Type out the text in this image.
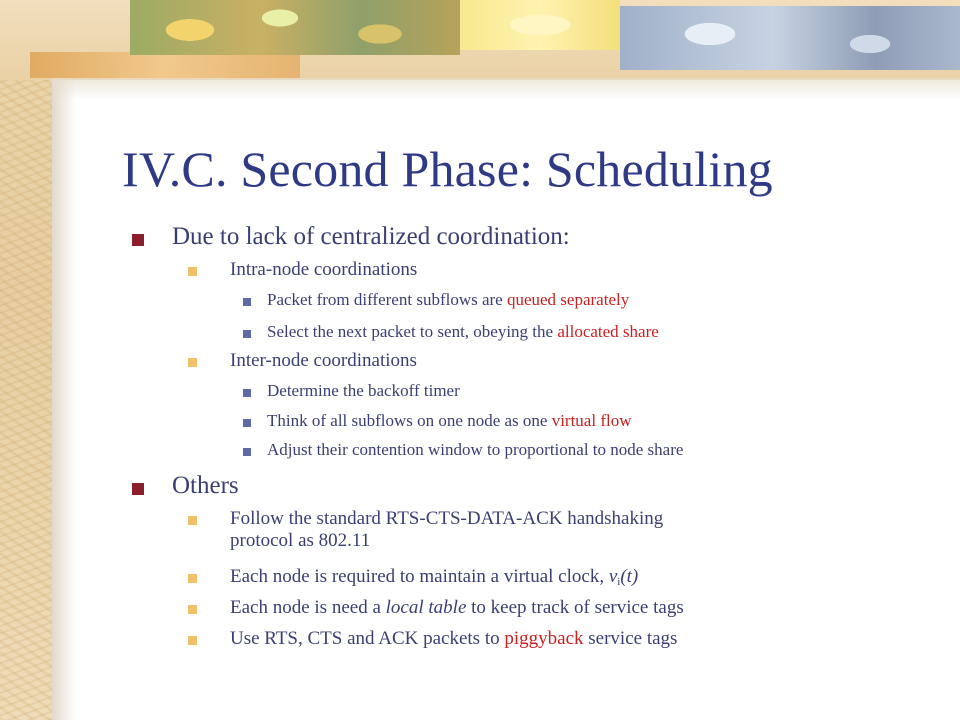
IV.C. Second Phase: Scheduling
Due to lack of centralized coordination:
Intra-node coordinations
Packet from different subflows are queued separately
Select the next packet to sent, obeying the allocated share
Inter-node coordinations
Determine the backoff timer
Think of all subflows on one node as one virtual flow
Adjust their contention window to proportional to node share
Others
Follow the standard RTS-CTS-DATA-ACK handshaking
protocol as 802.11
Each node is required to maintain a virtual clock, $v_i(t)$
Each node is need a local table to keep track of service tags
Use RTS, CTS and ACK packets to piggyback service tags
